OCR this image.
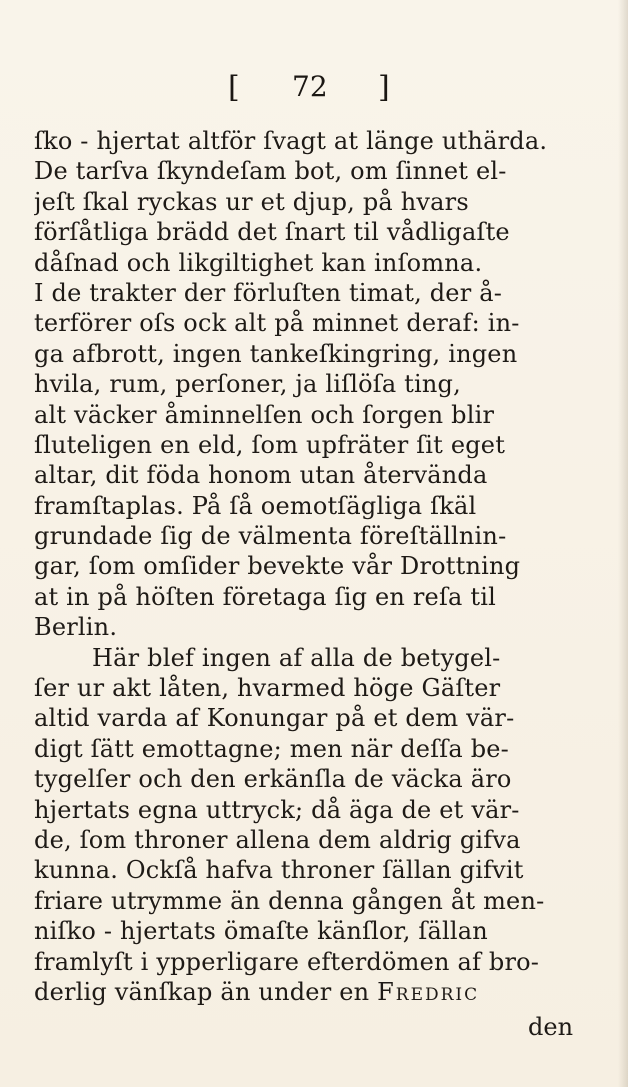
[ 72 ]
ſko - hjertat altför ſvagt at länge uthärda.
De tarſva ſkyndeſam bot, om ſinnet el-
jeſt ſkal ryckas ur et djup, på hvars
förſåtliga brädd det ſnart til vådligaſte
dåſnad och likgiltighet kan inſomna.
I de trakter der förluſten timat, der å-
terförer oſs ock alt på minnet deraf: in-
ga afbrott, ingen tankeſkingring, ingen
hvila, rum, perſoner, ja liſlöſa ting,
alt väcker åminnelſen och ſorgen blir
ſluteligen en eld, ſom upfräter ſit eget
altar, dit föda honom utan återvända
framſtaplas. På ſå oemotſägliga ſkäl
grundade ſig de välmenta föreſtällnin-
gar, ſom omſider bevekte vår Drottning
at in på höſten företaga ſig en reſa til
Berlin.
Här blef ingen af alla de betygel-
ſer ur akt låten, hvarmed höge Gäſter
altid varda af Konungar på et dem vär-
digt ſätt emottagne; men när deſſa be-
tygelſer och den erkänſla de väcka äro
hjertats egna uttryck; då äga de et vär-
de, ſom throner allena dem aldrig gifva
kunna. Ockſå hafva throner ſällan gifvit
friare utrymme än denna gången åt men-
niſko - hjertats ömaſte känſlor, ſällan
framlyſt i ypperligare efterdömen af bro-
derlig vänſkap än under en Fredric
den
